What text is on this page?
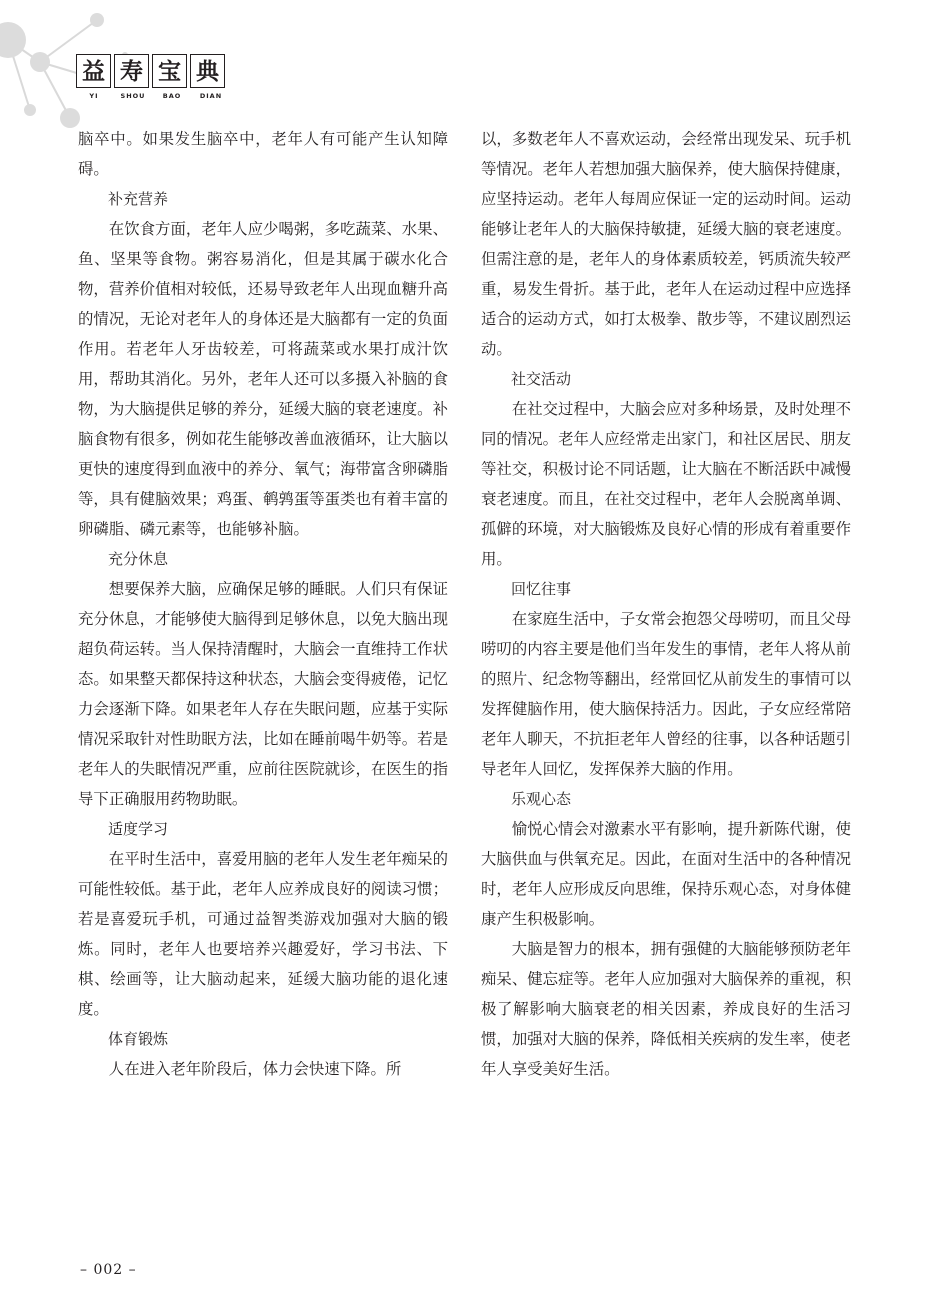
益 寿 宝 典
YI	SHOU	BAO	DIAN

脑卒中。如果发生脑卒中，老年人有可能产生认知障碍。

补充营养

在饮食方面，老年人应少喝粥，多吃蔬菜、水果、鱼、坚果等食物。粥容易消化，但是其属于碳水化合物，营养价值相对较低，还易导致老年人出现血糖升高的情况，无论对老年人的身体还是大脑都有一定的负面作用。若老年人牙齿较差，可将蔬菜或水果打成汁饮用，帮助其消化。另外，老年人还可以多摄入补脑的食物，为大脑提供足够的养分，延缓大脑的衰老速度。补脑食物有很多，例如花生能够改善血液循环，让大脑以更快的速度得到血液中的养分、氧气；海带富含卵磷脂等，具有健脑效果；鸡蛋、鹌鹑蛋等蛋类也有着丰富的卵磷脂、磷元素等，也能够补脑。

充分休息

想要保养大脑，应确保足够的睡眠。人们只有保证充分休息，才能够使大脑得到足够休息，以免大脑出现超负荷运转。当人保持清醒时，大脑会一直维持工作状态。如果整天都保持这种状态，大脑会变得疲倦，记忆力会逐渐下降。如果老年人存在失眠问题，应基于实际情况采取针对性助眠方法，比如在睡前喝牛奶等。若是老年人的失眠情况严重，应前往医院就诊，在医生的指导下正确服用药物助眠。

适度学习

在平时生活中，喜爱用脑的老年人发生老年痴呆的可能性较低。基于此，老年人应养成良好的阅读习惯；若是喜爱玩手机，可通过益智类游戏加强对大脑的锻炼。同时，老年人也要培养兴趣爱好，学习书法、下棋、绘画等，让大脑动起来，延缓大脑功能的退化速度。

体育锻炼

人在进入老年阶段后，体力会快速下降。所

以，多数老年人不喜欢运动，会经常出现发呆、玩手机等情况。老年人若想加强大脑保养，使大脑保持健康，应坚持运动。老年人每周应保证一定的运动时间。运动能够让老年人的大脑保持敏捷，延缓大脑的衰老速度。但需注意的是，老年人的身体素质较差，钙质流失较严重，易发生骨折。基于此，老年人在运动过程中应选择适合的运动方式，如打太极拳、散步等，不建议剧烈运动。

社交活动

在社交过程中，大脑会应对多种场景，及时处理不同的情况。老年人应经常走出家门，和社区居民、朋友等社交，积极讨论不同话题，让大脑在不断活跃中减慢衰老速度。而且，在社交过程中，老年人会脱离单调、孤僻的环境，对大脑锻炼及良好心情的形成有着重要作用。

回忆往事

在家庭生活中，子女常会抱怨父母唠叨，而且父母唠叨的内容主要是他们当年发生的事情，老年人将从前的照片、纪念物等翻出，经常回忆从前发生的事情可以发挥健脑作用，使大脑保持活力。因此，子女应经常陪老年人聊天，不抗拒老年人曾经的往事，以各种话题引导老年人回忆，发挥保养大脑的作用。

乐观心态

愉悦心情会对激素水平有影响，提升新陈代谢，使大脑供血与供氧充足。因此，在面对生活中的各种情况时，老年人应形成反向思维，保持乐观心态，对身体健康产生积极影响。

大脑是智力的根本，拥有强健的大脑能够预防老年痴呆、健忘症等。老年人应加强对大脑保养的重视，积极了解影响大脑衰老的相关因素，养成良好的生活习惯，加强对大脑的保养，降低相关疾病的发生率，使老年人享受美好生活。

– 002 –
